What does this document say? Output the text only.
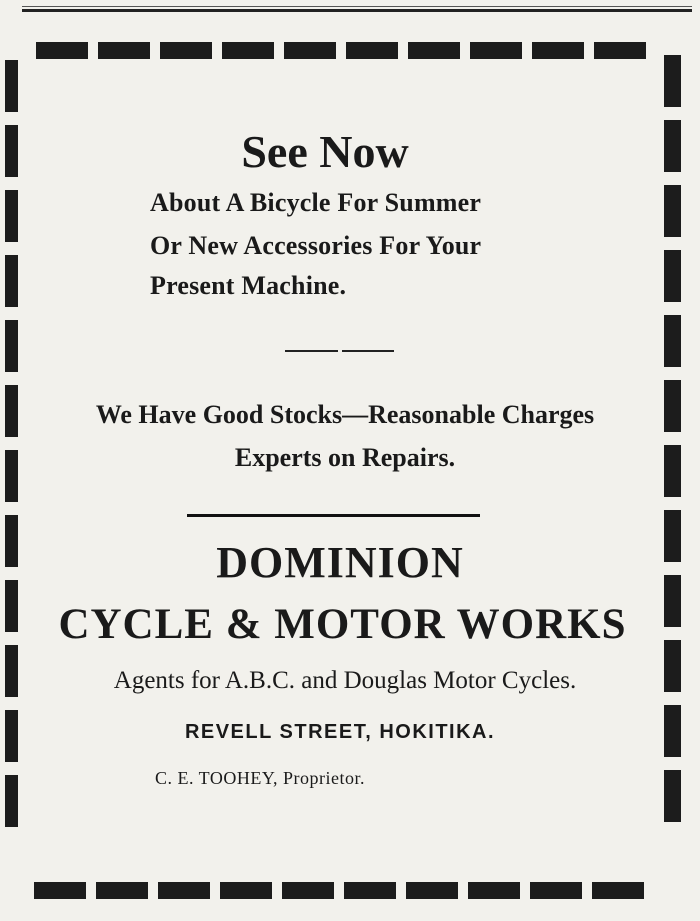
See Now
About A Bicycle For Summer
Or New Accessories For Your
Present Machine.
We Have Good Stocks—Reasonable Charges
Experts on Repairs.
DOMINION
CYCLE & MOTOR WORKS
Agents for A.B.C. and Douglas Motor Cycles.
REVELL STREET, HOKITIKA.
C. E. TOOHEY, Proprietor.
